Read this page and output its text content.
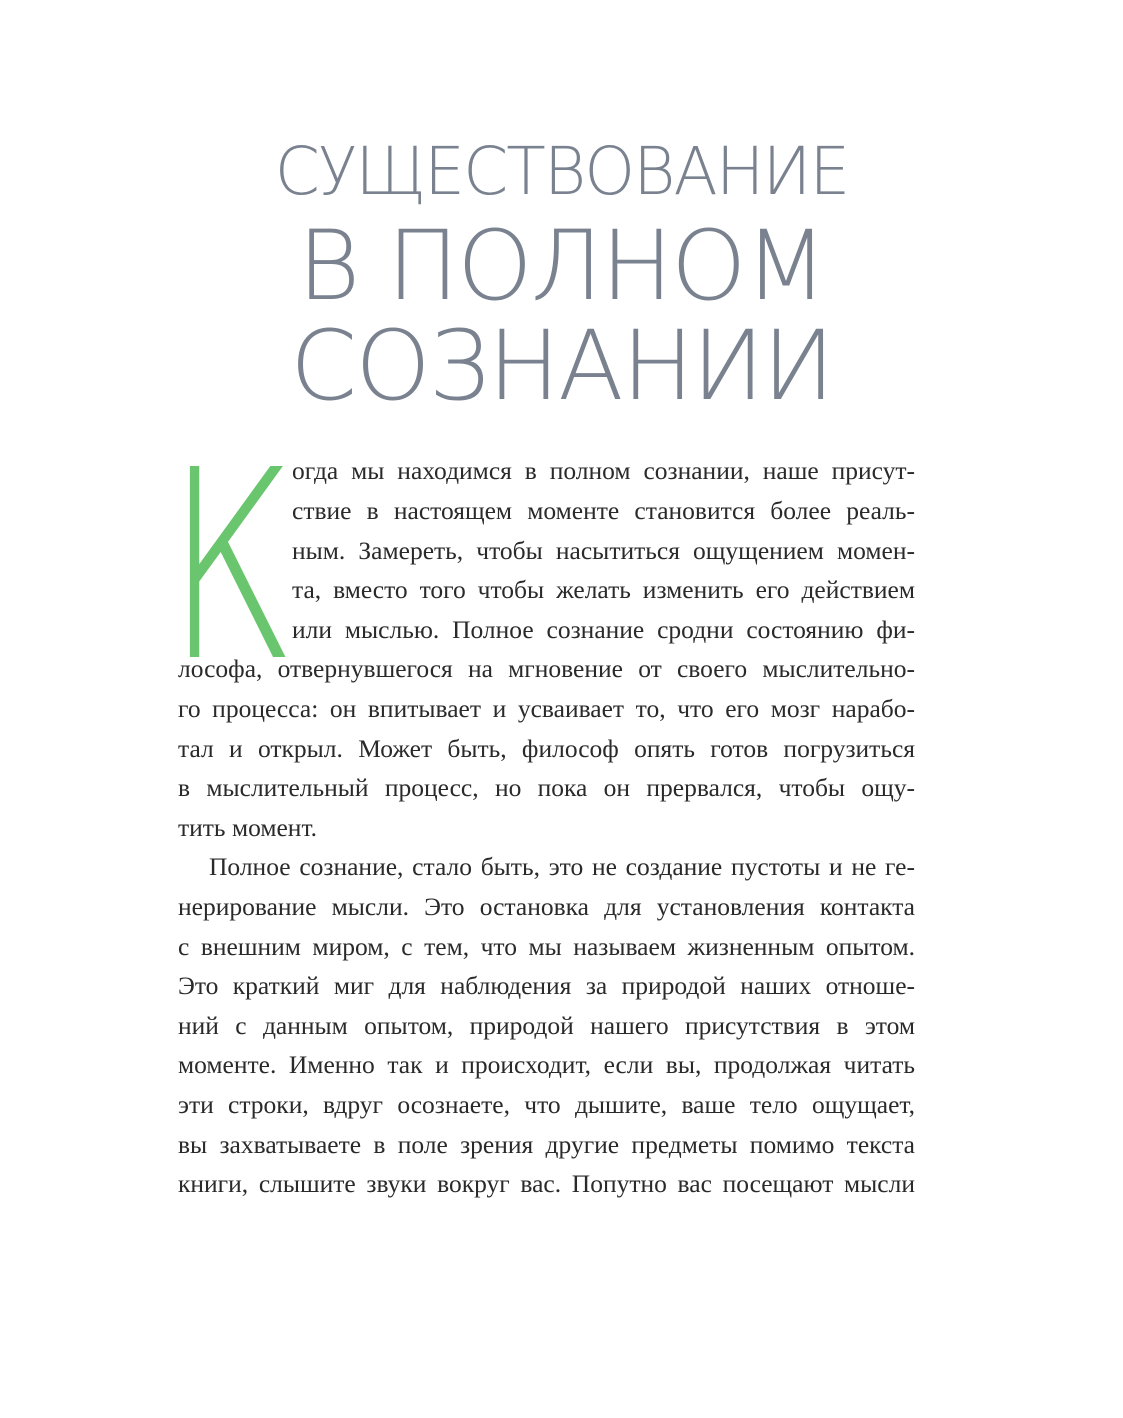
СУЩЕСТВОВАНИЕ
В ПОЛНОМ
СОЗНАНИИ
К
огда мы находимся в полном сознании, наше присут-
ствие в настоящем моменте становится более реаль-
ным. Замереть, чтобы насытиться ощущением момен-
та, вместо того чтобы желать изменить его действием
или мыслью. Полное сознание сродни состоянию фи-
лософа, отвернувшегося на мгновение от своего мыслительно-
го процесса: он впитывает и усваивает то, что его мозг нарабо-
тал и открыл. Может быть, философ опять готов погрузиться
в мыслительный процесс, но пока он прервался, чтобы ощу-
тить момент.
Полное сознание, стало быть, это не создание пустоты и не ге-
нерирование мысли. Это остановка для установления контакта
с внешним миром, с тем, что мы называем жизненным опытом.
Это краткий миг для наблюдения за природой наших отноше-
ний с данным опытом, природой нашего присутствия в этом
моменте. Именно так и происходит, если вы, продолжая читать
эти строки, вдруг осознаете, что дышите, ваше тело ощущает,
вы захватываете в поле зрения другие предметы помимо текста
книги, слышите звуки вокруг вас. Попутно вас посещают мысли
